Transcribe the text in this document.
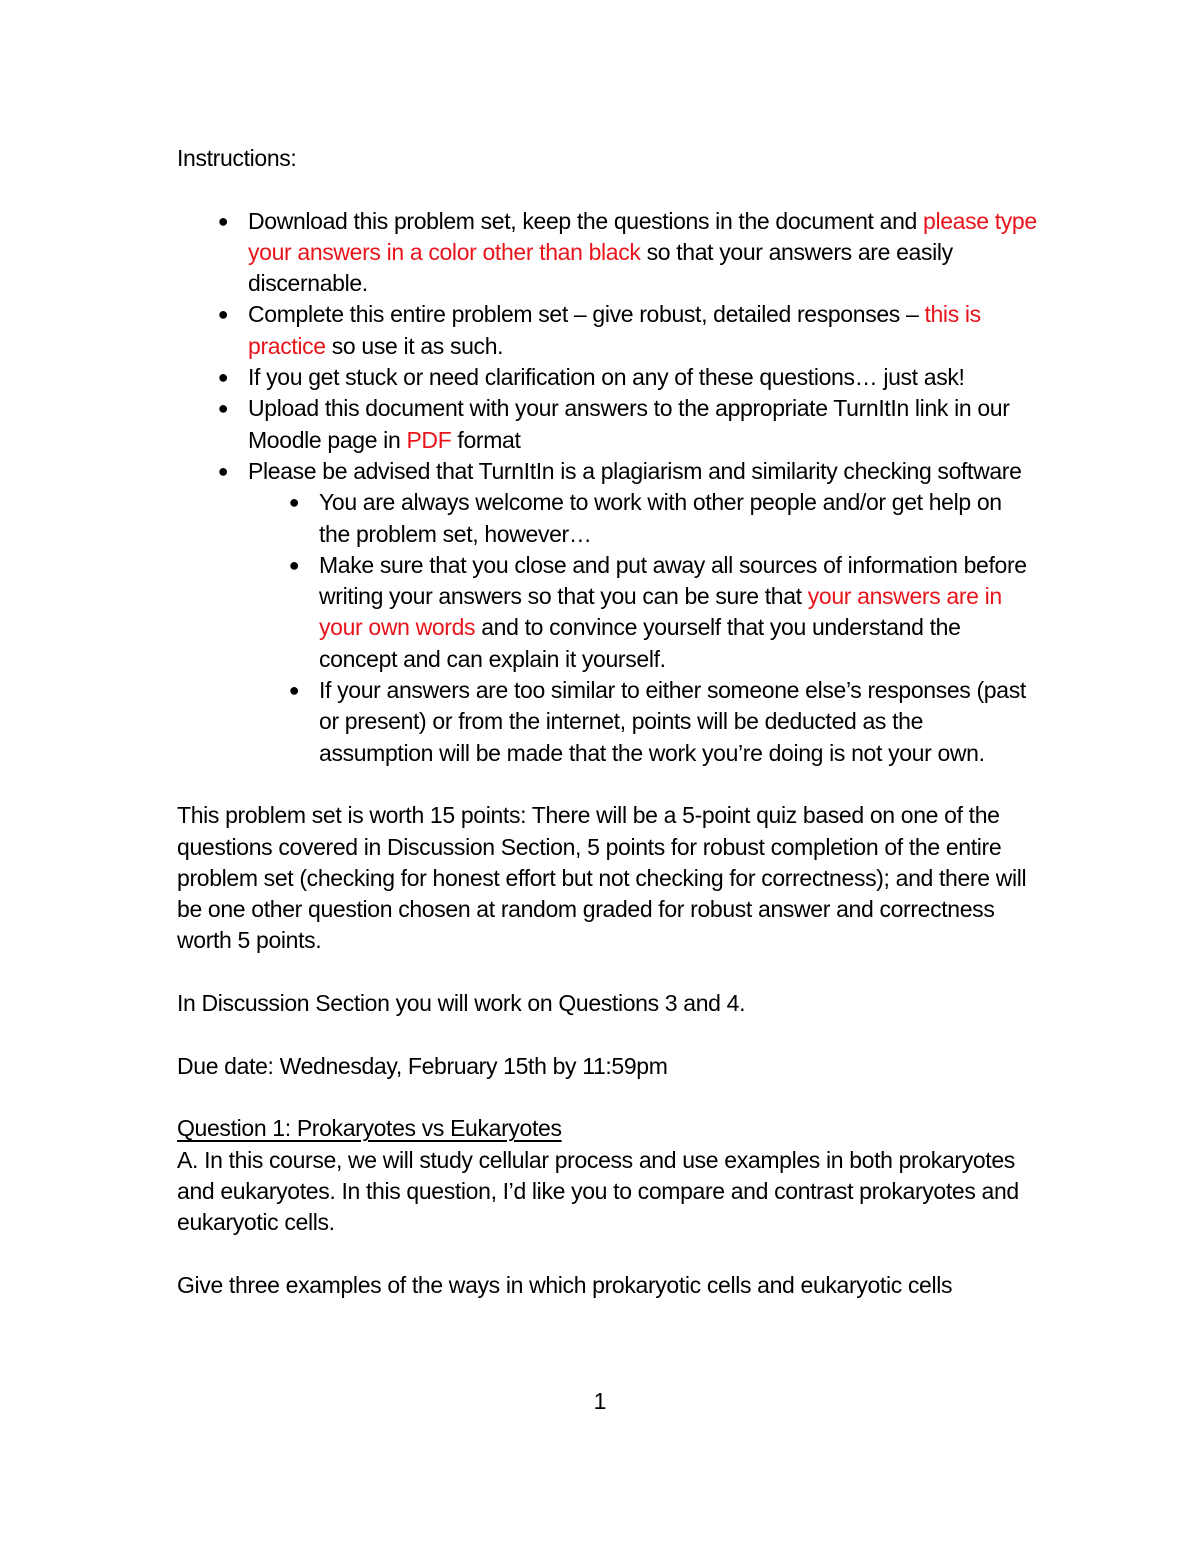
Instructions:

● Download this problem set, keep the questions in the document and please type your answers in a color other than black so that your answers are easily discernable.
● Complete this entire problem set – give robust, detailed responses – this is practice so use it as such.
● If you get stuck or need clarification on any of these questions… just ask!
● Upload this document with your answers to the appropriate TurnItIn link in our Moodle page in PDF format
● Please be advised that TurnItIn is a plagiarism and similarity checking software
● You are always welcome to work with other people and/or get help on the problem set, however…
● Make sure that you close and put away all sources of information before writing your answers so that you can be sure that your answers are in your own words and to convince yourself that you understand the concept and can explain it yourself.
● If your answers are too similar to either someone else’s responses (past or present) or from the internet, points will be deducted as the assumption will be made that the work you’re doing is not your own.

This problem set is worth 15 points: There will be a 5-point quiz based on one of the questions covered in Discussion Section, 5 points for robust completion of the entire problem set (checking for honest effort but not checking for correctness); and there will be one other question chosen at random graded for robust answer and correctness worth 5 points.

In Discussion Section you will work on Questions 3 and 4.

Due date: Wednesday, February 15th by 11:59pm

Question 1: Prokaryotes vs Eukaryotes

A. In this course, we will study cellular process and use examples in both prokaryotes and eukaryotes. In this question, I’d like you to compare and contrast prokaryotes and eukaryotic cells.

Give three examples of the ways in which prokaryotic cells and eukaryotic cells

1
